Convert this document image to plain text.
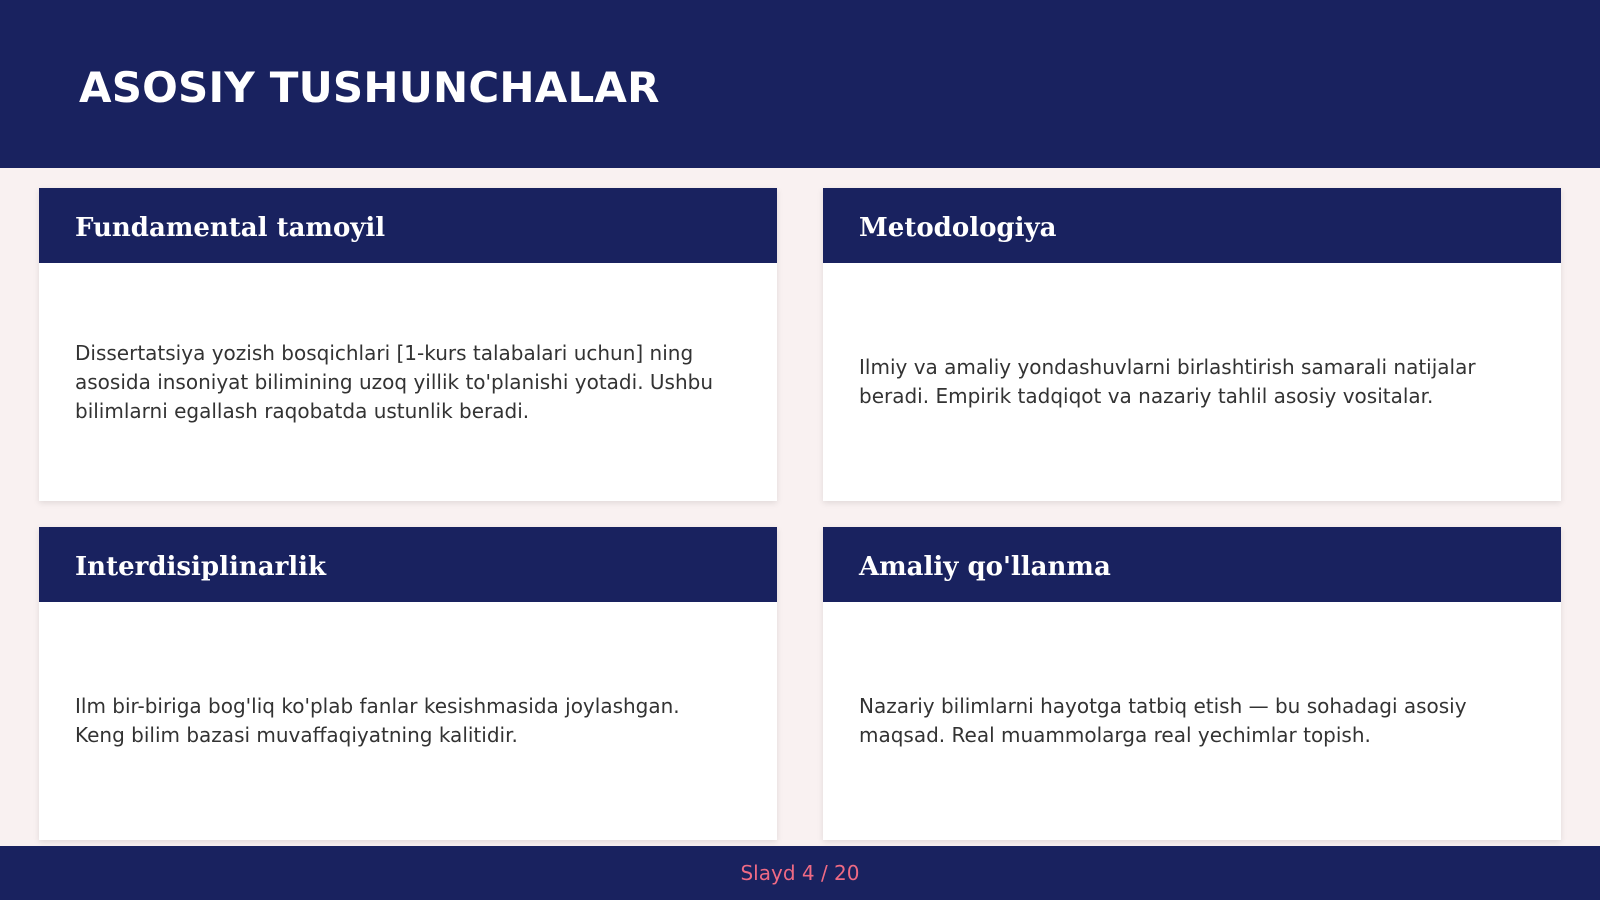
ASOSIY TUSHUNCHALAR
Fundamental tamoyil

Dissertatsiya yozish bosqichlari [1-kurs talabalari uchun] ning asosida insoniyat bilimining uzoq yillik to'planishi yotadi. Ushbu bilimlarni egallash raqobatda ustunlik beradi.

Metodologiya

Ilmiy va amaliy yondashuvlarni birlashtirish samarali natijalar beradi. Empirik tadqiqot va nazariy tahlil asosiy vositalar.

Interdisiplinarlik

Ilm bir-biriga bog'liq ko'plab fanlar kesishmasida joylashgan. Keng bilim bazasi muvaffaqiyatning kalitidir.

Amaliy qo'llanma

Nazariy bilimlarni hayotga tatbiq etish — bu sohadagi asosiy maqsad. Real muammolarga real yechimlar topish.

Slayd 4 / 20
